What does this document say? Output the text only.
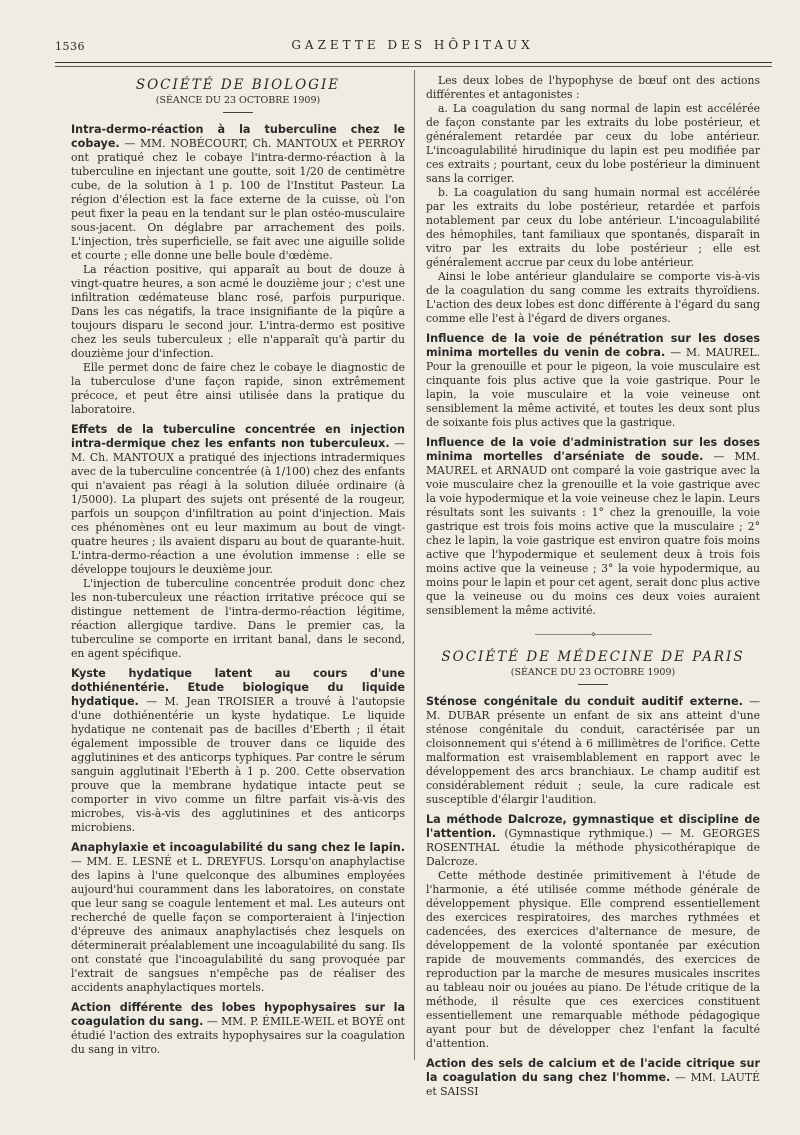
1536	GAZETTE DES HÔPITAUX
SOCIÉTÉ DE BIOLOGIE
(SÉANCE DU 23 OCTOBRE 1909)

Intra-dermo-réaction à la tuberculine chez le cobaye. — MM. NOBÉCOURT, Ch. MANTOUX et PERROY ont pratiqué chez le cobaye l'intra-dermo-réaction à la tuberculine en injectant une goutte, soit 1/20 de centimètre cube, de la solution à 1 p. 100 de l'Institut Pasteur. La région d'élection est la face externe de la cuisse, où l'on peut fixer la peau en la tendant sur le plan ostéo-musculaire sous-jacent. On déglabre par arrachement des poils. L'injection, très superficielle, se fait avec une aiguille solide et courte ; elle donne une belle boule d'œdème.

La réaction positive, qui apparaît au bout de douze à vingt-quatre heures, a son acmé le douzième jour ; c'est une infiltration œdémateuse blanc rosé, parfois purpurique. Dans les cas négatifs, la trace insignifiante de la piqûre a toujours disparu le second jour. L'intra-dermo est positive chez les seuls tuberculeux ; elle n'apparaît qu'à partir du douzième jour d'infection.

Elle permet donc de faire chez le cobaye le diagnostic de la tuberculose d'une façon rapide, sinon extrêmement précoce, et peut être ainsi utilisée dans la pratique du laboratoire.

Effets de la tuberculine concentrée en injection intra-dermique chez les enfants non tuberculeux. — M. Ch. MANTOUX a pratiqué des injections intradermiques avec de la tuberculine concentrée (à 1/100) chez des enfants qui n'avaient pas réagi à la solution diluée ordinaire (à 1/5000). La plupart des sujets ont présenté de la rougeur, parfois un soupçon d'infiltration au point d'injection. Mais ces phénomènes ont eu leur maximum au bout de vingt-quatre heures ; ils avaient disparu au bout de quarante-huit. L'intra-dermo-réaction a une évolution immense : elle se développe toujours le deuxième jour.

L'injection de tuberculine concentrée produit donc chez les non-tuberculeux une réaction irritative précoce qui se distingue nettement de l'intra-dermo-réaction légitime, réaction allergique tardive. Dans le premier cas, la tuberculine se comporte en irritant banal, dans le second, en agent spécifique.

Kyste hydatique latent au cours d'une dothiénentérie. Etude biologique du liquide hydatique. — M. Jean TROISIER a trouvé à l'autopsie d'une dothiénentérie un kyste hydatique. Le liquide hydatique ne contenait pas de bacilles d'Eberth ; il était également impossible de trouver dans ce liquide des agglutinines et des anticorps typhiques. Par contre le sérum sanguin agglutinait l'Eberth à 1 p. 200. Cette observation prouve que la membrane hydatique intacte peut se comporter in vivo comme un filtre parfait vis-à-vis des microbes, vis-à-vis des agglutinines et des anticorps microbiens.

Anaphylaxie et incoagulabilité du sang chez le lapin. — MM. E. LESNÉ et L. DREYFUS. Lorsqu'on anaphylactise des lapins à l'une quelconque des albumines employées aujourd'hui couramment dans les laboratoires, on constate que leur sang se coagule lentement et mal. Les auteurs ont recherché de quelle façon se comporteraient à l'injection d'épreuve des animaux anaphylactisés chez lesquels on déterminerait préalablement une incoagulabilité du sang. Ils ont constaté que l'incoagulabilité du sang provoquée par l'extrait de sangsues n'empêche pas de réaliser des accidents anaphylactiques mortels.

Action différente des lobes hypophysaires sur la coagulation du sang. — MM. P. ÉMILE-WEIL et BOYÉ ont étudié l'action des extraits hypophysaires sur la coagulation du sang in vitro.

Les deux lobes de l'hypophyse de bœuf ont des actions différentes et antagonistes :

a. La coagulation du sang normal de lapin est accélérée de façon constante par les extraits du lobe postérieur, et généralement retardée par ceux du lobe antérieur. L'incoagulabilité hirudinique du lapin est peu modifiée par ces extraits ; pourtant, ceux du lobe postérieur la diminuent sans la corriger.

b. La coagulation du sang humain normal est accélérée par les extraits du lobe postérieur, retardée et parfois notablement par ceux du lobe antérieur. L'incoagulabilité des hémophiles, tant familiaux que spontanés, disparaît in vitro par les extraits du lobe postérieur ; elle est généralement accrue par ceux du lobe antérieur.

Ainsi le lobe antérieur glandulaire se comporte vis-à-vis de la coagulation du sang comme les extraits thyroïdiens. L'action des deux lobes est donc différente à l'égard du sang comme elle l'est à l'égard de divers organes.

Influence de la voie de pénétration sur les doses minima mortelles du venin de cobra. — M. MAUREL. Pour la grenouille et pour le pigeon, la voie musculaire est cinquante fois plus active que la voie gastrique. Pour le lapin, la voie musculaire et la voie veineuse ont sensiblement la même activité, et toutes les deux sont plus de soixante fois plus actives que la gastrique.

Influence de la voie d'administration sur les doses minima mortelles d'arséniate de soude. — MM. MAUREL et ARNAUD ont comparé la voie gastrique avec la voie musculaire chez la grenouille et la voie gastrique avec la voie hypodermique et la voie veineuse chez le lapin. Leurs résultats sont les suivants : 1° chez la grenouille, la voie gastrique est trois fois moins active que la musculaire ; 2° chez le lapin, la voie gastrique est environ quatre fois moins active que l'hypodermique et seulement deux à trois fois moins active que la veineuse ; 3° la voie hypodermique, au moins pour le lapin et pour cet agent, serait donc plus active que la veineuse ou du moins ces deux voies auraient sensiblement la même activité.

———————⋄———————
SOCIÉTÉ DE MÉDECINE DE PARIS
(SÉANCE DU 23 OCTOBRE 1909)

Sténose congénitale du conduit auditif externe. — M. DUBAR présente un enfant de six ans atteint d'une sténose congénitale du conduit, caractérisée par un cloisonnement qui s'étend à 6 millimètres de l'orifice. Cette malformation est vraisemblablement en rapport avec le développement des arcs branchiaux. Le champ auditif est considérablement réduit ; seule, la cure radicale est susceptible d'élargir l'audition.

La méthode Dalcroze, gymnastique et discipline de l'attention. (Gymnastique rythmique.) — M. GEORGES ROSENTHAL étudie la méthode physicothérapique de Dalcroze.

Cette méthode destinée primitivement à l'étude de l'harmonie, a été utilisée comme méthode générale de développement physique. Elle comprend essentiellement des exercices respiratoires, des marches rythmées et cadencées, des exercices d'alternance de mesure, de développement de la volonté spontanée par exécution rapide de mouvements commandés, des exercices de reproduction par la marche de mesures musicales inscrites au tableau noir ou jouées au piano. De l'étude critique de la méthode, il résulte que ces exercices constituent essentiellement une remarquable méthode pédagogique ayant pour but de développer chez l'enfant la faculté d'attention.

Action des sels de calcium et de l'acide citrique sur la coagulation du sang chez l'homme. — MM. LAUTÉ et SAISSI
